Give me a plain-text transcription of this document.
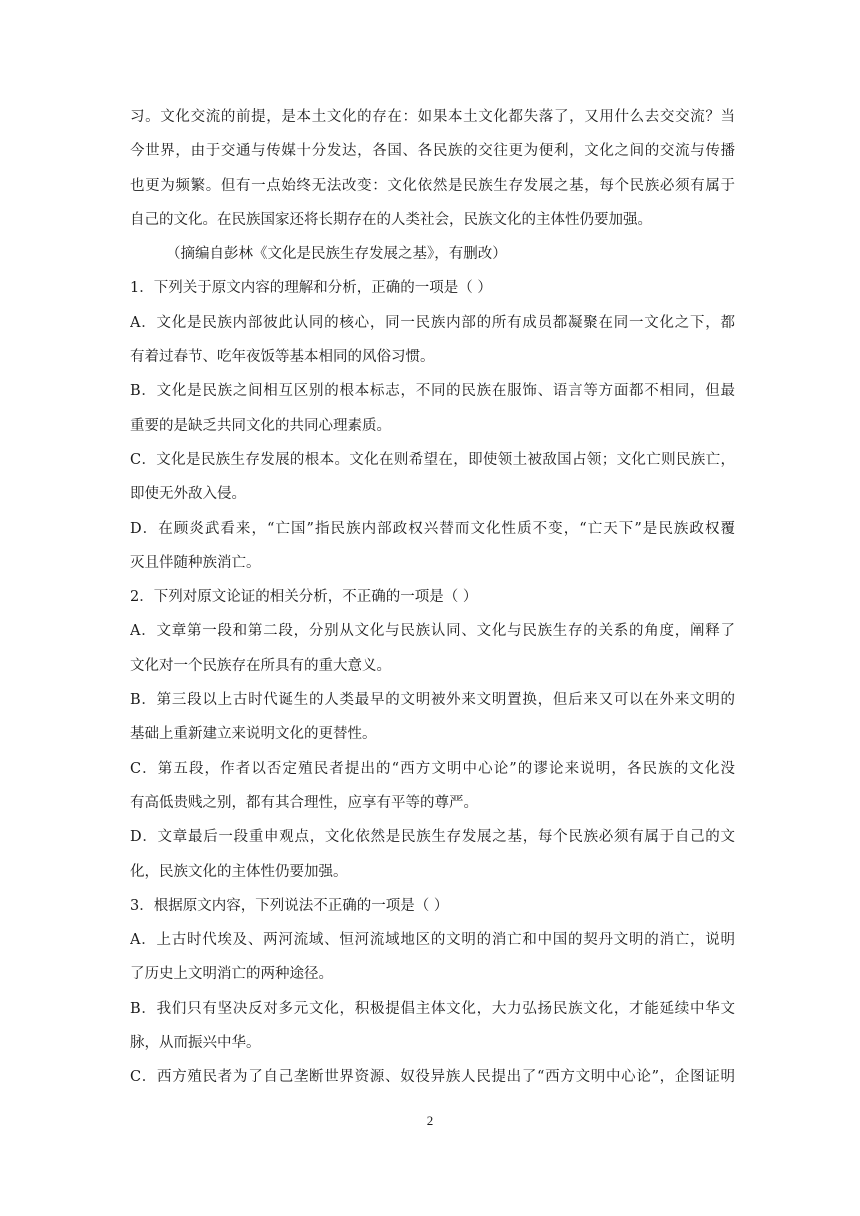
习。文化交流的前提，是本土文化的存在：如果本土文化都失落了，又用什么去交交流？当
今世界，由于交通与传媒十分发达，各国、各民族的交往更为便利，文化之间的交流与传播
也更为频繁。但有一点始终无法改变：文化依然是民族生存发展之基，每个民族必须有属于
自己的文化。在民族国家还将长期存在的人类社会，民族文化的主体性仍要加强。
（摘编自彭林《文化是民族生存发展之基》，有删改）
1．下列关于原文内容的理解和分析，正确的一项是（ ）
A．文化是民族内部彼此认同的核心，同一民族内部的所有成员都凝聚在同一文化之下，都
有着过春节、吃年夜饭等基本相同的风俗习惯。
B．文化是民族之间相互区别的根本标志，不同的民族在服饰、语言等方面都不相同，但最
重要的是缺乏共同文化的共同心理素质。
C．文化是民族生存发展的根本。文化在则希望在，即使领土被敌国占领；文化亡则民族亡，
即使无外敌入侵。
D．在顾炎武看来，“亡国”指民族内部政权兴替而文化性质不变，“亡天下”是民族政权覆
灭且伴随种族消亡。
2．下列对原文论证的相关分析，不正确的一项是（ ）
A．文章第一段和第二段，分别从文化与民族认同、文化与民族生存的关系的角度，阐释了
文化对一个民族存在所具有的重大意义。
B．第三段以上古时代诞生的人类最早的文明被外来文明置换，但后来又可以在外来文明的
基础上重新建立来说明文化的更替性。
C．第五段，作者以否定殖民者提出的“西方文明中心论”的谬论来说明，各民族的文化没
有高低贵贱之别，都有其合理性，应享有平等的尊严。
D．文章最后一段重申观点，文化依然是民族生存发展之基，每个民族必须有属于自己的文
化，民族文化的主体性仍要加强。
3．根据原文内容，下列说法不正确的一项是（ ）
A．上古时代埃及、两河流域、恒河流域地区的文明的消亡和中国的契丹文明的消亡，说明
了历史上文明消亡的两种途径。
B．我们只有坚决反对多元文化，积极提倡主体文化，大力弘扬民族文化，才能延续中华文
脉，从而振兴中华。
C．西方殖民者为了自己垄断世界资源、奴役异族人民提出了“西方文明中心论”，企图证明
2
